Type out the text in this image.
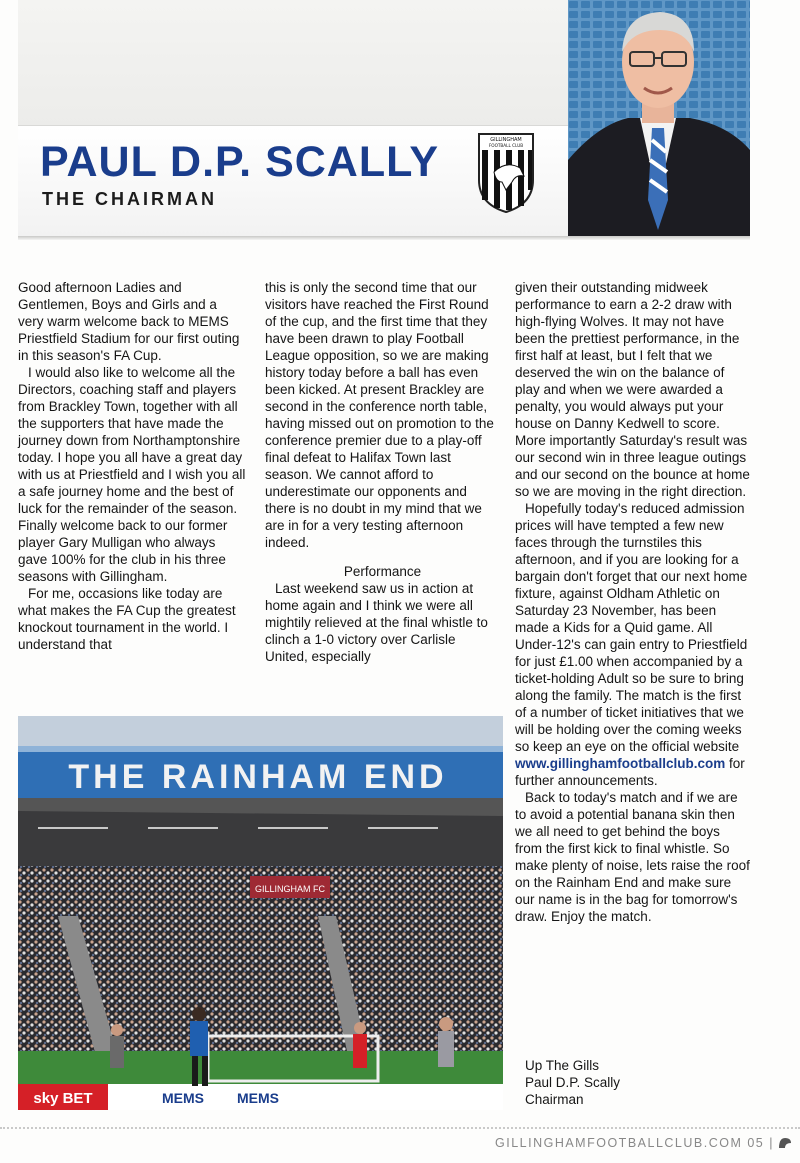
PAUL D.P. SCALLY
THE CHAIRMAN
GILLINGHAM
FOOTBALL CLUB

Good afternoon Ladies and Gentlemen, Boys and Girls and a very warm welcome back to MEMS Priestfield Stadium for our first outing in this season's FA Cup.

I would also like to welcome all the Directors, coaching staff and players from Brackley Town, together with all the supporters that have made the journey down from Northamptonshire today. I hope you all have a great day with us at Priestfield and I wish you all a safe journey home and the best of luck for the remainder of the season. Finally welcome back to our former player Gary Mulligan who always gave 100% for the club in his three seasons with Gillingham.

For me, occasions like today are what makes the FA Cup the greatest knockout tournament in the world. I understand that

this is only the second time that our visitors have reached the First Round of the cup, and the first time that they have been drawn to play Football League opposition, so we are making history today before a ball has even been kicked. At present Brackley are second in the conference north table, having missed out on promotion to the conference premier due to a play-off final defeat to Halifax Town last season. We cannot afford to underestimate our opponents and there is no doubt in my mind that we are in for a very testing afternoon indeed.

Performance

Last weekend saw us in action at home again and I think we were all mightily relieved at the final whistle to clinch a 1-0 victory over Carlisle United, especially

given their outstanding midweek performance to earn a 2-2 draw with high-flying Wolves. It may not have been the prettiest performance, in the first half at least, but I felt that we deserved the win on the balance of play and when we were awarded a penalty, you would always put your house on Danny Kedwell to score. More importantly Saturday's result was our second win in three league outings and our second on the bounce at home so we are moving in the right direction.

Hopefully today's reduced admission prices will have tempted a few new faces through the turnstiles this afternoon, and if you are looking for a bargain don't forget that our next home fixture, against Oldham Athletic on Saturday 23 November, has been made a Kids for a Quid game. All Under-12's can gain entry to Priestfield for just £1.00 when accompanied by a ticket-holding Adult so be sure to bring along the family. The match is the first of a number of ticket initiatives that we will be holding over the coming weeks so keep an eye on the official website www.gillinghamfootballclub.com for further announcements.

Back to today's match and if we are to avoid a potential banana skin then we all need to get behind the boys from the first kick to final whistle. So make plenty of noise, lets raise the roof on the Rainham End and make sure our name is in the bag for tomorrow's draw. Enjoy the match.

Up The Gills
Paul D.P. Scally
Chairman
THE RAINHAM END
GILLINGHAM FC
sky BET	MEMS MEMS
GILLINGHAMFOOTBALLCLUB.COM 05 |
